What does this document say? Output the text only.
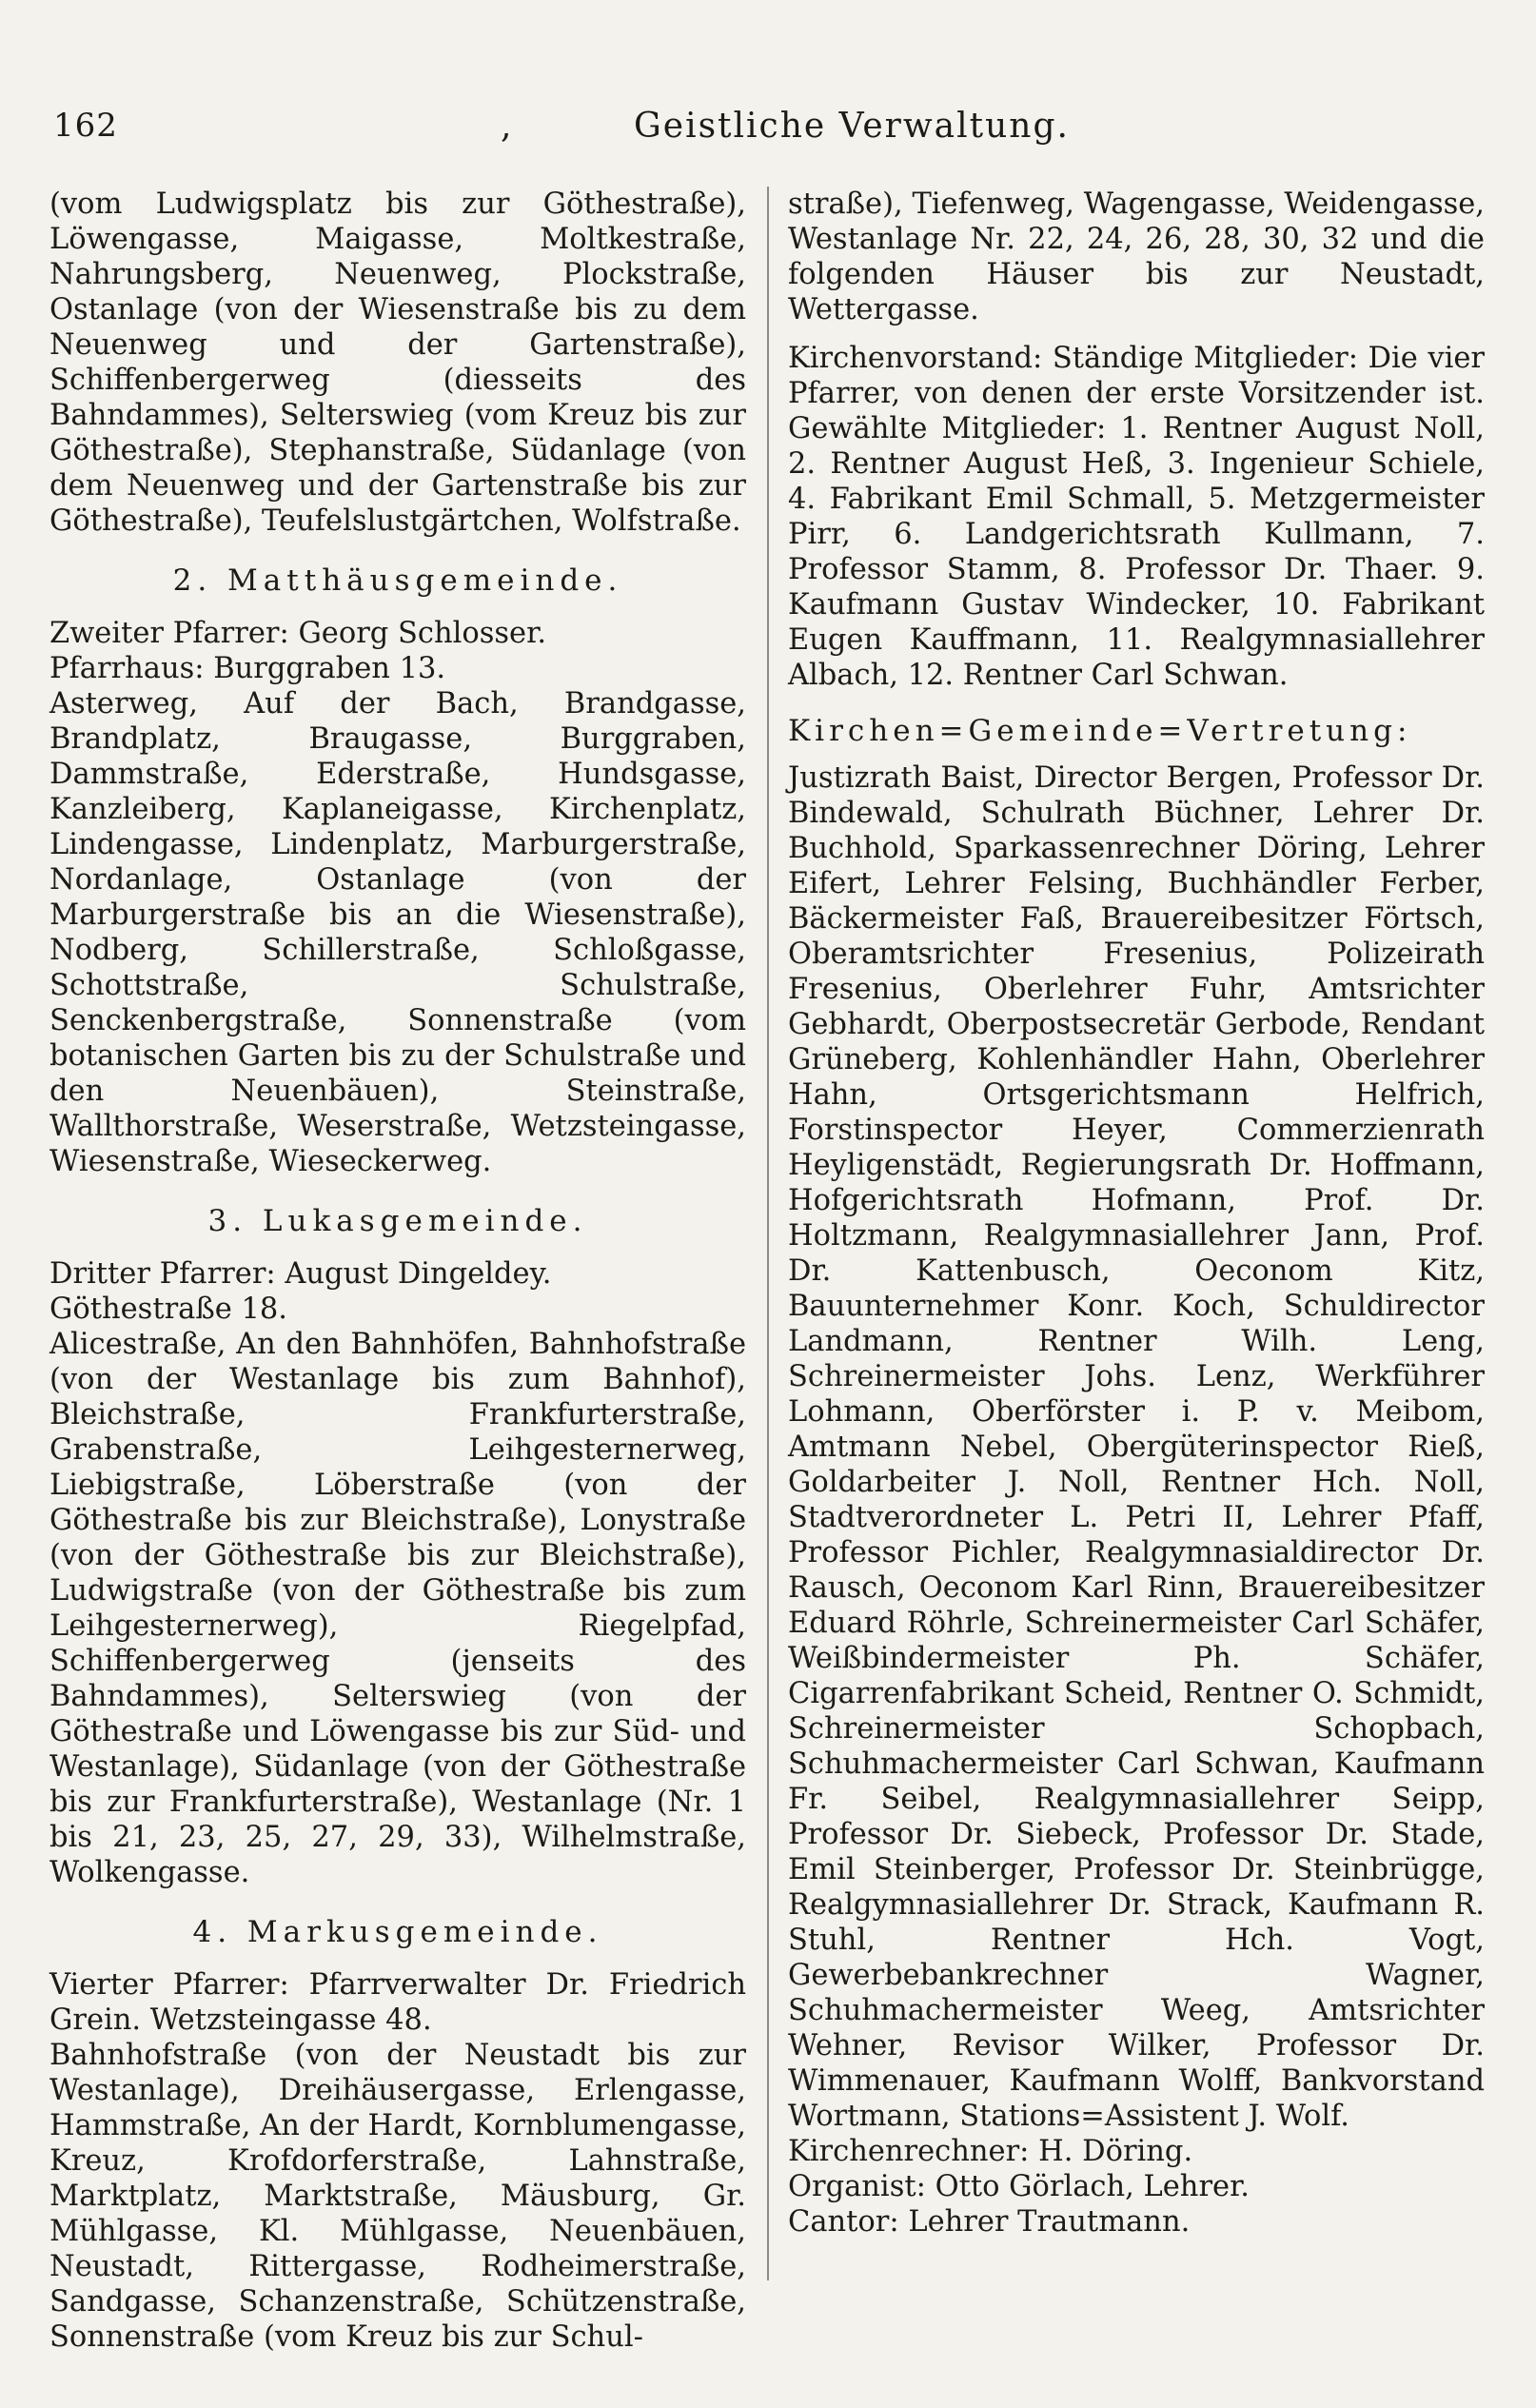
162	,	Geistliche Verwaltung.

(vom Ludwigsplatz bis zur Göthestraße), Löwengasse, Maigasse, Moltkestraße, Nahrungsberg, Neuenweg, Plockstraße, Ostanlage (von der Wiesenstraße bis zu dem Neuenweg und der Gartenstraße), Schiffenbergerweg (diesseits des Bahndammes), Selterswieg (vom Kreuz bis zur Göthestraße), Stephanstraße, Südanlage (von dem Neuenweg und der Gartenstraße bis zur Göthestraße), Teufelslustgärtchen, Wolfstraße.

2. Matthäusgemeinde.

Zweiter Pfarrer: Georg Schlosser.

Pfarrhaus: Burggraben 13.

Asterweg, Auf der Bach, Brandgasse, Brandplatz, Braugasse, Burggraben, Dammstraße, Ederstraße, Hundsgasse, Kanzleiberg, Kaplaneigasse, Kirchenplatz, Lindengasse, Lindenplatz, Marburgerstraße, Nordanlage, Ostanlage (von der Marburgerstraße bis an die Wiesenstraße), Nodberg, Schillerstraße, Schloßgasse, Schottstraße, Schulstraße, Senckenbergstraße, Sonnenstraße (vom botanischen Garten bis zu der Schulstraße und den Neuenbäuen), Steinstraße, Wallthorstraße, Weserstraße, Wetzsteingasse, Wiesenstraße, Wieseckerweg.

3. Lukasgemeinde.

Dritter Pfarrer: August Dingeldey.

Göthestraße 18.

Alicestraße, An den Bahnhöfen, Bahnhofstraße (von der Westanlage bis zum Bahnhof), Bleichstraße, Frankfurterstraße, Grabenstraße, Leihgesternerweg, Liebigstraße, Löberstraße (von der Göthestraße bis zur Bleichstraße), Lonystraße (von der Göthestraße bis zur Bleichstraße), Ludwigstraße (von der Göthestraße bis zum Leihgesternerweg), Riegelpfad, Schiffenbergerweg (jenseits des Bahndammes), Selterswieg (von der Göthestraße und Löwengasse bis zur Süd- und Westanlage), Südanlage (von der Göthestraße bis zur Frankfurterstraße), Westanlage (Nr. 1 bis 21, 23, 25, 27, 29, 33), Wilhelmstraße, Wolkengasse.

4. Markusgemeinde.

Vierter Pfarrer: Pfarrverwalter Dr. Friedrich Grein. Wetzsteingasse 48.

Bahnhofstraße (von der Neustadt bis zur Westanlage), Dreihäusergasse, Erlengasse, Hammstraße, An der Hardt, Kornblumengasse, Kreuz, Krofdorferstraße, Lahnstraße, Marktplatz, Marktstraße, Mäusburg, Gr. Mühlgasse, Kl. Mühlgasse, Neuenbäuen, Neustadt, Rittergasse, Rodheimerstraße, Sandgasse, Schanzenstraße, Schützenstraße, Sonnenstraße (vom Kreuz bis zur Schul-

straße), Tiefenweg, Wagengasse, Weidengasse, Westanlage Nr. 22, 24, 26, 28, 30, 32 und die folgenden Häuser bis zur Neustadt, Wettergasse.

Kirchenvorstand: Ständige Mitglieder: Die vier Pfarrer, von denen der erste Vorsitzender ist. Gewählte Mitglieder: 1. Rentner August Noll, 2. Rentner August Heß, 3. Ingenieur Schiele, 4. Fabrikant Emil Schmall, 5. Metzgermeister Pirr, 6. Landgerichtsrath Kullmann, 7. Professor Stamm, 8. Professor Dr. Thaer. 9. Kaufmann Gustav Windecker, 10. Fabrikant Eugen Kauffmann, 11. Realgymnasiallehrer Albach, 12. Rentner Carl Schwan.

Kirchen=Gemeinde=Vertretung:

Justizrath Baist, Director Bergen, Professor Dr. Bindewald, Schulrath Büchner, Lehrer Dr. Buchhold, Sparkassenrechner Döring, Lehrer Eifert, Lehrer Felsing, Buchhändler Ferber, Bäckermeister Faß, Brauereibesitzer Förtsch, Oberamtsrichter Fresenius, Polizeirath Fresenius, Oberlehrer Fuhr, Amtsrichter Gebhardt, Oberpostsecretär Gerbode, Rendant Grüneberg, Kohlenhändler Hahn, Oberlehrer Hahn, Ortsgerichtsmann Helfrich, Forstinspector Heyer, Commerzienrath Heyligenstädt, Regierungsrath Dr. Hoffmann, Hofgerichtsrath Hofmann, Prof. Dr. Holtzmann, Realgymnasiallehrer Jann, Prof. Dr. Kattenbusch, Oeconom Kitz, Bauunternehmer Konr. Koch, Schuldirector Landmann, Rentner Wilh. Leng, Schreinermeister Johs. Lenz, Werkführer Lohmann, Oberförster i. P. v. Meibom, Amtmann Nebel, Obergüterinspector Rieß, Goldarbeiter J. Noll, Rentner Hch. Noll, Stadtverordneter L. Petri II, Lehrer Pfaff, Professor Pichler, Realgymnasialdirector Dr. Rausch, Oeconom Karl Rinn, Brauereibesitzer Eduard Röhrle, Schreinermeister Carl Schäfer, Weißbindermeister Ph. Schäfer, Cigarrenfabrikant Scheid, Rentner O. Schmidt, Schreinermeister Schopbach, Schuhmachermeister Carl Schwan, Kaufmann Fr. Seibel, Realgymnasiallehrer Seipp, Professor Dr. Siebeck, Professor Dr. Stade, Emil Steinberger, Professor Dr. Steinbrügge, Realgymnasiallehrer Dr. Strack, Kaufmann R. Stuhl, Rentner Hch. Vogt, Gewerbebankrechner Wagner, Schuhmachermeister Weeg, Amtsrichter Wehner, Revisor Wilker, Professor Dr. Wimmenauer, Kaufmann Wolff, Bankvorstand Wortmann, Stations=Assistent J. Wolf.

Kirchenrechner: H. Döring.

Organist: Otto Görlach, Lehrer.

Cantor: Lehrer Trautmann.
